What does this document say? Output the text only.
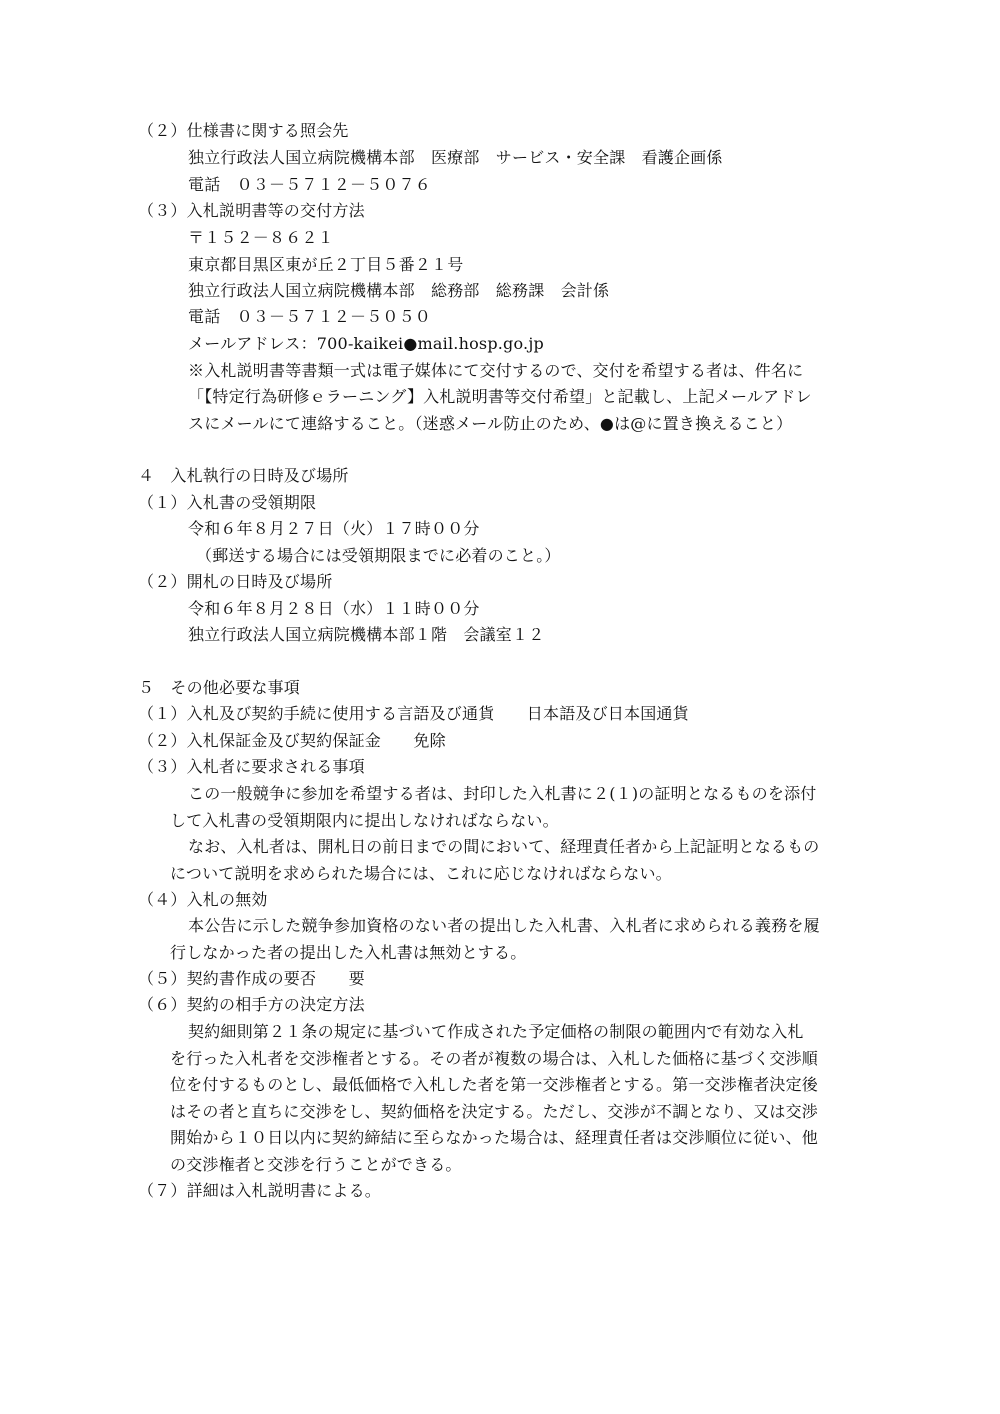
（２）仕様書に関する照会先
独立行政法人国立病院機構本部　医療部　サービス・安全課　看護企画係
電話　０３－５７１２－５０７６
（３）入札説明書等の交付方法
〒１５２－８６２１
東京都目黒区東が丘２丁目５番２１号
独立行政法人国立病院機構本部　総務部　総務課　会計係
電話　０３－５７１２－５０５０
メールアドレス：700-kaikei●mail.hosp.go.jp
※入札説明書等書類一式は電子媒体にて交付するので、交付を希望する者は、件名に
「【特定行為研修ｅラーニング】入札説明書等交付希望」と記載し、上記メールアドレ
スにメールにて連絡すること。（迷惑メール防止のため、●は@に置き換えること）
４　入札執行の日時及び場所
（１）入札書の受領期限
令和６年８月２７日（火）１７時００分
（郵送する場合には受領期限までに必着のこと。）
（２）開札の日時及び場所
令和６年８月２８日（水）１１時００分
独立行政法人国立病院機構本部１階　会議室１２
５　その他必要な事項
（１）入札及び契約手続に使用する言語及び通貨　　日本語及び日本国通貨
（２）入札保証金及び契約保証金　　免除
（３）入札者に要求される事項
この一般競争に参加を希望する者は、封印した入札書に２(１)の証明となるものを添付
して入札書の受領期限内に提出しなければならない。
なお、入札者は、開札日の前日までの間において、経理責任者から上記証明となるもの
について説明を求められた場合には、これに応じなければならない。
（４）入札の無効
本公告に示した競争参加資格のない者の提出した入札書、入札者に求められる義務を履
行しなかった者の提出した入札書は無効とする。
（５）契約書作成の要否　　要
（６）契約の相手方の決定方法
契約細則第２１条の規定に基づいて作成された予定価格の制限の範囲内で有効な入札
を行った入札者を交渉権者とする。その者が複数の場合は、入札した価格に基づく交渉順
位を付するものとし、最低価格で入札した者を第一交渉権者とする。第一交渉権者決定後
はその者と直ちに交渉をし、契約価格を決定する。ただし、交渉が不調となり、又は交渉
開始から１０日以内に契約締結に至らなかった場合は、経理責任者は交渉順位に従い、他
の交渉権者と交渉を行うことができる。
（７）詳細は入札説明書による。
